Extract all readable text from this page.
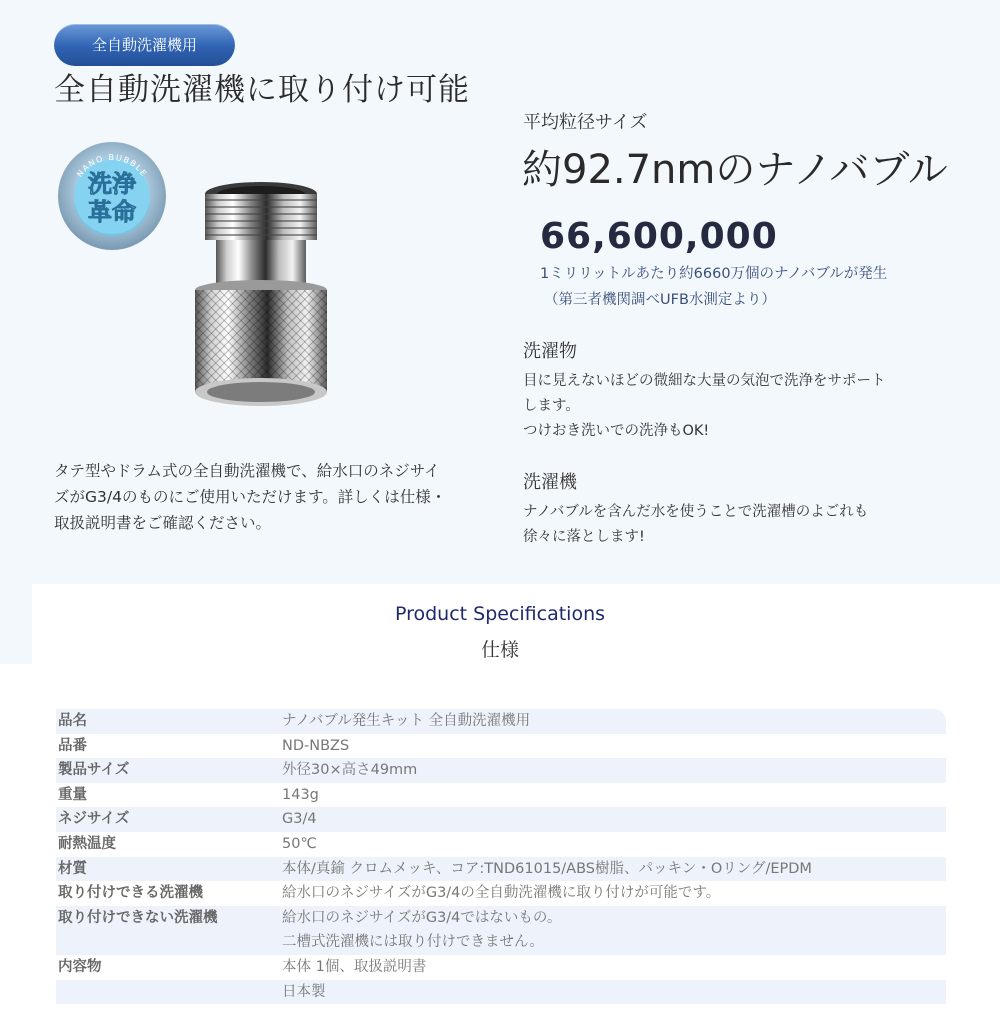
全自動洗濯機用
全自動洗濯機に取り付け可能
NANO BUBBLE
洗浄
革命
タテ型やドラム式の全自動洗濯機で、給水口のネジサイ
ズがG3/4のものにご使用いただけます。詳しくは仕様・
取扱説明書をご確認ください。
平均粒径サイズ
約92.7nmのナノバブル
66,600,000
1ミリリットルあたり約6660万個のナノバブルが発生
（第三者機関調べUFB水測定より）
洗濯物
目に見えないほどの微細な大量の気泡で洗浄をサポート
します。
つけおき洗いでの洗浄もOK!
洗濯機
ナノバブルを含んだ水を使うことで洗濯槽のよごれも
徐々に落とします!
Product Specifications
仕様
品名	ナノバブル発生キット 全自動洗濯機用
品番	ND-NBZS
製品サイズ	外径30×高さ49mm
重量	143g
ネジサイズ	G3/4
耐熱温度	50℃
材質	本体/真鍮 クロムメッキ、コア:TND61015/ABS樹脂、パッキン・Oリング/EPDM
取り付けできる洗濯機	給水口のネジサイズがG3/4の全自動洗濯機に取り付けが可能です。
取り付けできない洗濯機	給水口のネジサイズがG3/4ではないもの。
	二槽式洗濯機には取り付けできません。
内容物	本体 1個、取扱説明書
	日本製
